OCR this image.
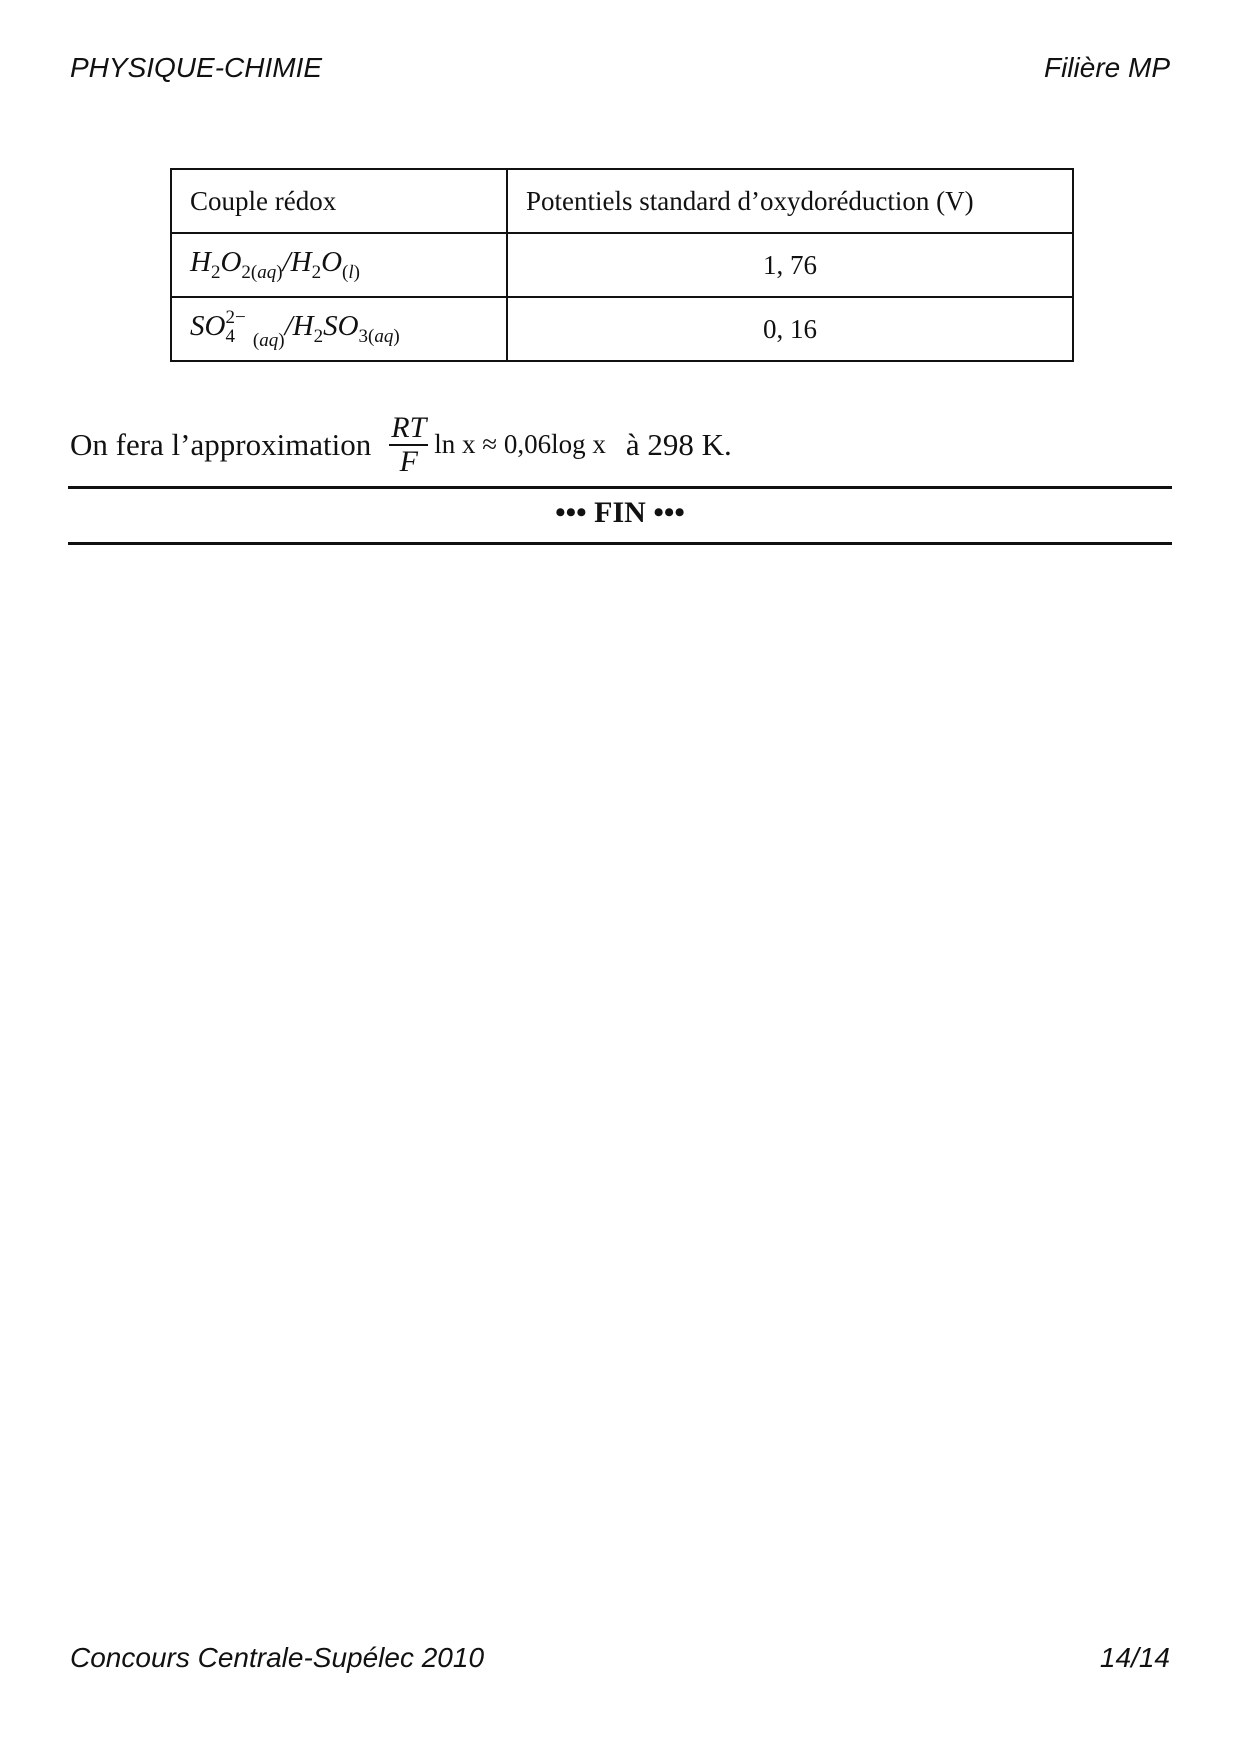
PHYSIQUE-CHIMIE	Filière MP
Couple rédox	Potentiels standard d’oxydoréduction (V)
$H_2O_{2(aq)}/H_2O_{(l)}$	1, 76
SO 2−
4 $_{(aq)}/H_2SO_{3(aq)}$	0, 16
On fera l’approximation $\frac{RT}{F}$ ln x ≈ 0,06log x à 298 K.
••• FIN •••
Concours Centrale-Supélec 2010	14/14
